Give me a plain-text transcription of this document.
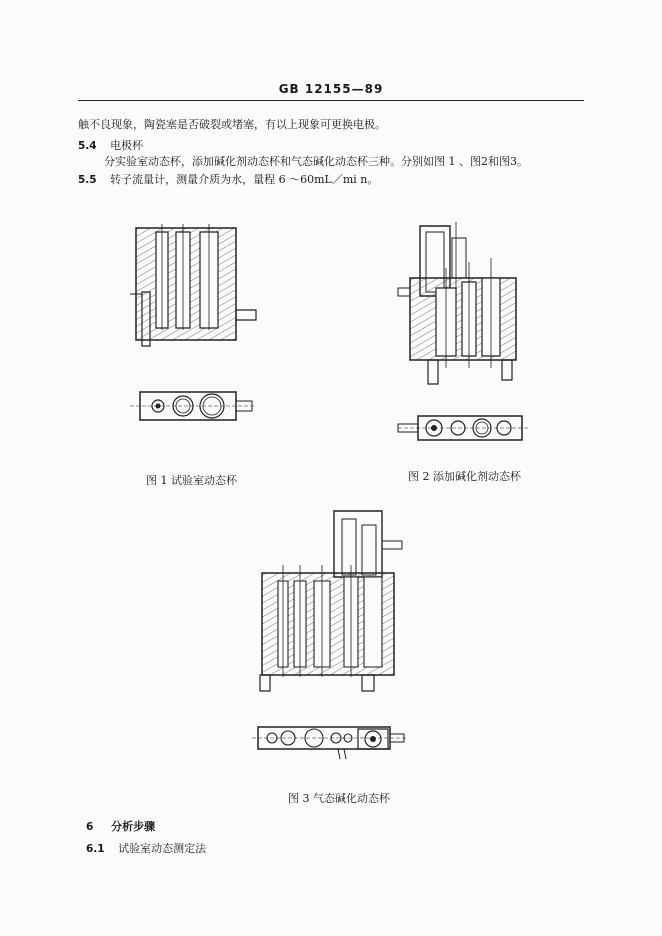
GB 12155—89
触不良现象，陶瓷塞是否破裂或堵塞，有以上现象可更换电极。
5.4 电极杯
分实验室动态杯，添加碱化剂动态杯和气态碱化动态杯三种。分别如图 1 、图2和图3。
5.5 转子流量计，测量介质为水，量程 6 ～60mL／mi n。
图 1 试验室动态杯	图 2 添加碱化剂动态杯
图 3 气态碱化动态杯
6 分析步骤
6.1 试验室动态测定法
